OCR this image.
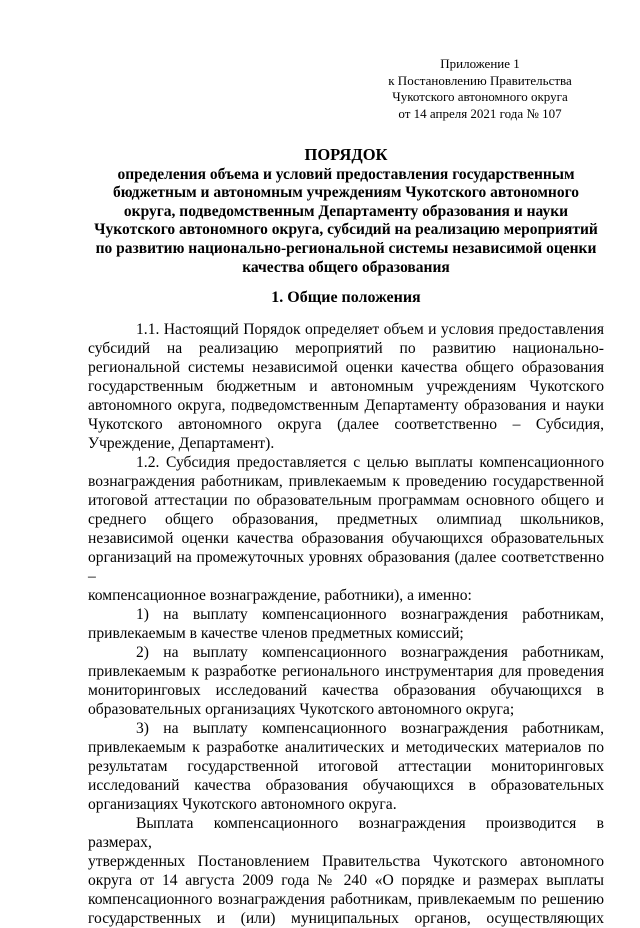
Приложение 1
к Постановлению Правительства
Чукотского автономного округа
от 14 апреля 2021 года № 107
ПОРЯДОК
определения объема и условий предоставления государственным
бюджетным и автономным учреждениям Чукотского автономного
округа, подведомственным Департаменту образования и науки
Чукотского автономного округа, субсидий на реализацию мероприятий
по развитию национально-региональной системы независимой оценки
качества общего образования
1. Общие положения
1.1. Настоящий Порядок определяет объем и условия предоставления
субсидий на реализацию мероприятий по развитию национально-
региональной системы независимой оценки качества общего образования
государственным бюджетным и автономным учреждениям Чукотского
автономного округа, подведомственным Департаменту образования и науки
Чукотского автономного округа (далее соответственно – Субсидия,
Учреждение, Департамент).
1.2. Субсидия предоставляется с целью выплаты компенсационного
вознаграждения работникам, привлекаемым к проведению государственной
итоговой аттестации по образовательным программам основного общего и
среднего общего образования, предметных олимпиад школьников,
независимой оценки качества образования обучающихся образовательных
организаций на промежуточных уровнях образования (далее соответственно –
компенсационное вознаграждение, работники), а именно:
1) на выплату компенсационного вознаграждения работникам,
привлекаемым в качестве членов предметных комиссий;
2) на выплату компенсационного вознаграждения работникам,
привлекаемым к разработке регионального инструментария для проведения
мониторинговых исследований качества образования обучающихся в
образовательных организациях Чукотского автономного округа;
3) на выплату компенсационного вознаграждения работникам,
привлекаемым к разработке аналитических и методических материалов по
результатам государственной итоговой аттестации мониторинговых
исследований качества образования обучающихся в образовательных
организациях Чукотского автономного округа.
Выплата компенсационного вознаграждения производится в размерах,
утвержденных Постановлением Правительства Чукотского автономного
округа от 14 августа 2009 года № 240 «О порядке и размерах выплаты
компенсационного вознаграждения работникам, привлекаемым по решению
государственных и (или) муниципальных органов, осуществляющих
